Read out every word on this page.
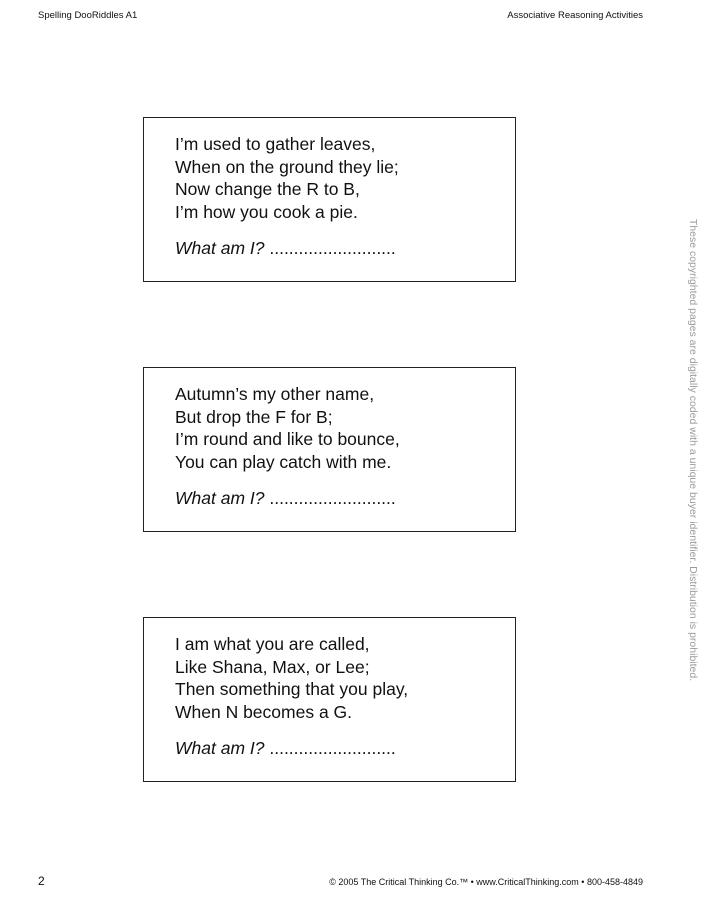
Spelling DooRiddles A1	Associative Reasoning Activities
I’m used to gather leaves,
When on the ground they lie;
Now change the R to B,
I’m how you cook a pie.
What am I? ..........................
Autumn’s my other name,
But drop the F for B;
I’m round and like to bounce,
You can play catch with me.
What am I? ..........................
I am what you are called,
Like Shana, Max, or Lee;
Then something that you play,
When N becomes a G.
What am I? ..........................
These copyrighted pages are digitally coded with a unique buyer identifier. Distribution is prohibited.
2	© 2005 The Critical Thinking Co.™ • www.CriticalThinking.com • 800-458-4849
